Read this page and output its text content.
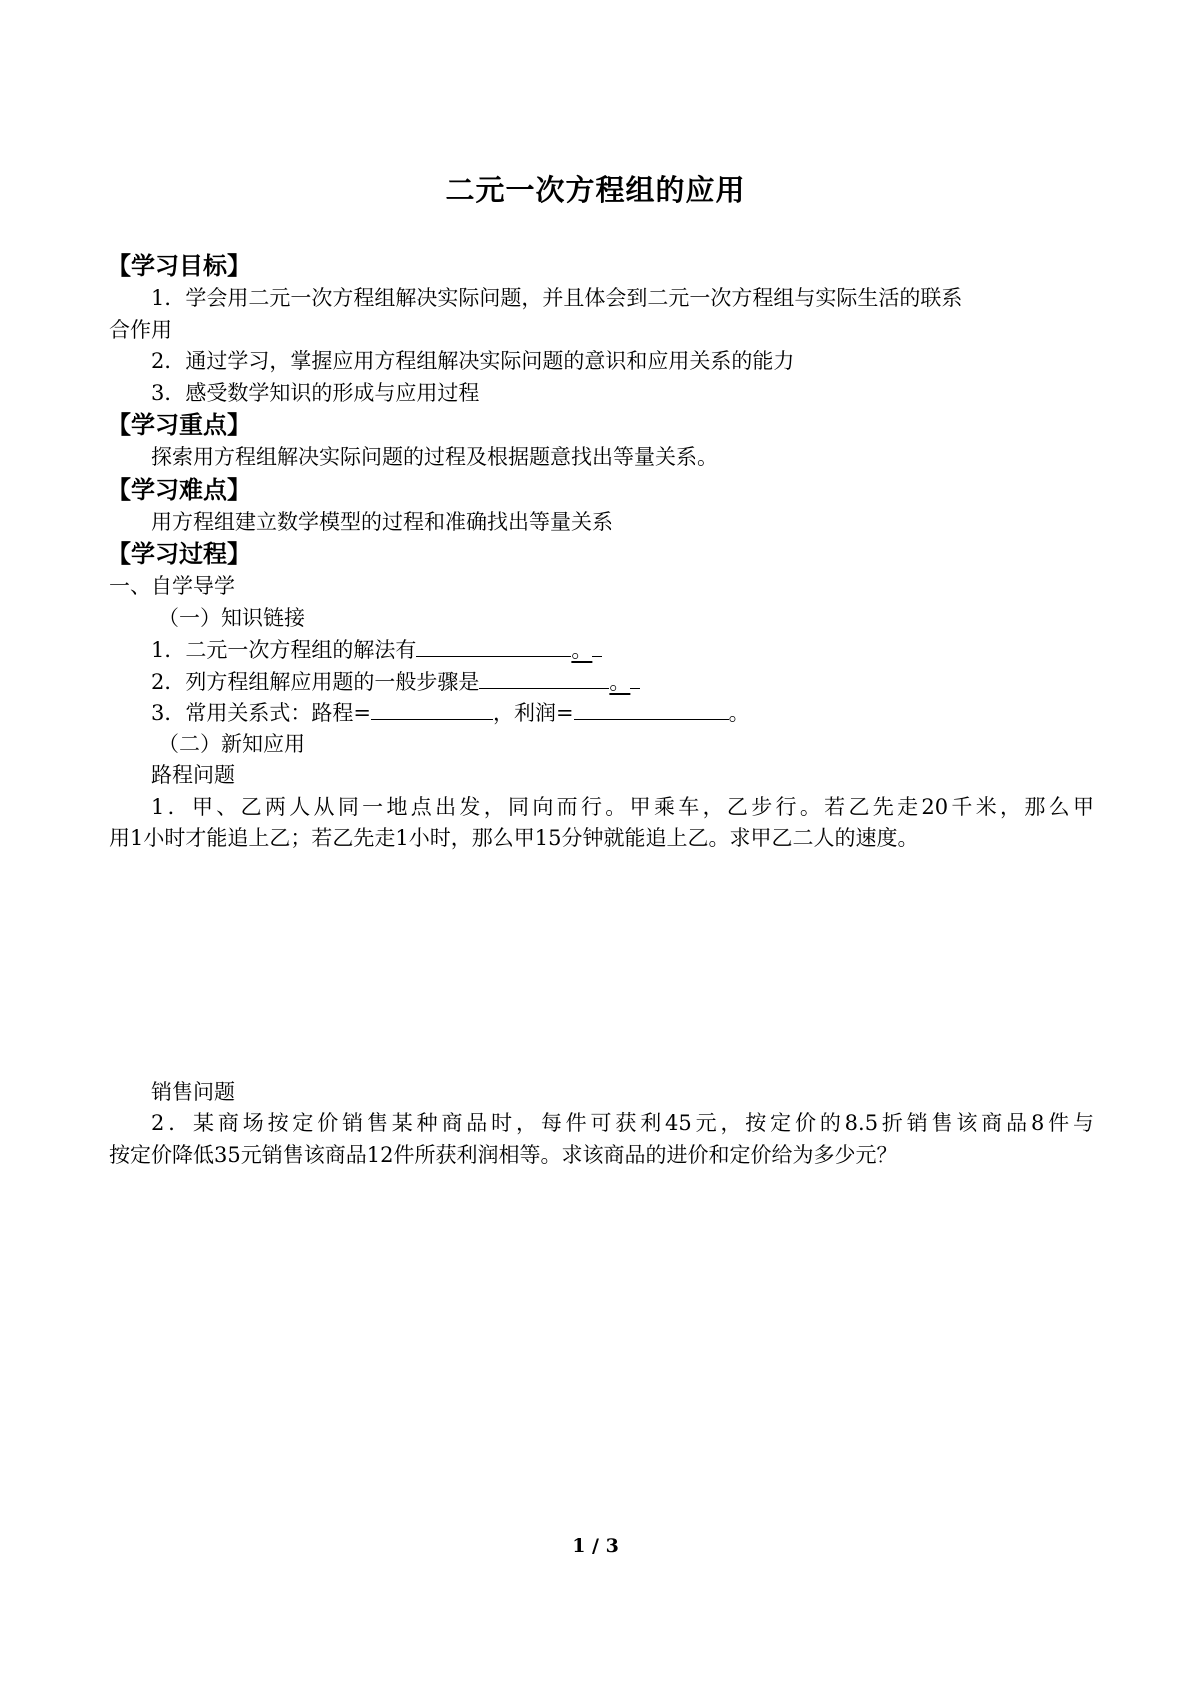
二元一次方程组的应用
【学习目标】
1．学会用二元一次方程组解决实际问题，并且体会到二元一次方程组与实际生活的联系
合作用
2．通过学习，掌握应用方程组解决实际问题的意识和应用关系的能力
3．感受数学知识的形成与应用过程
【学习重点】
探索用方程组解决实际问题的过程及根据题意找出等量关系。
【学习难点】
用方程组建立数学模型的过程和准确找出等量关系
【学习过程】
一、自学导学
（一）知识链接
1．二元一次方程组的解法有	。
2．列方程组解应用题的一般步骤是	。
3．常用关系式：路程=	，利润=	。
（二）新知应用
路程问题
1．甲、乙两人从同一地点出发，同向而行。甲乘车，乙步行。若乙先走20千米，那么甲
用1小时才能追上乙；若乙先走1小时，那么甲15分钟就能追上乙。求甲乙二人的速度。
销售问题
2．某商场按定价销售某种商品时，每件可获利45元，按定价的8.5折销售该商品8件与
按定价降低35元销售该商品12件所获利润相等。求该商品的进价和定价给为多少元？
1 / 3
